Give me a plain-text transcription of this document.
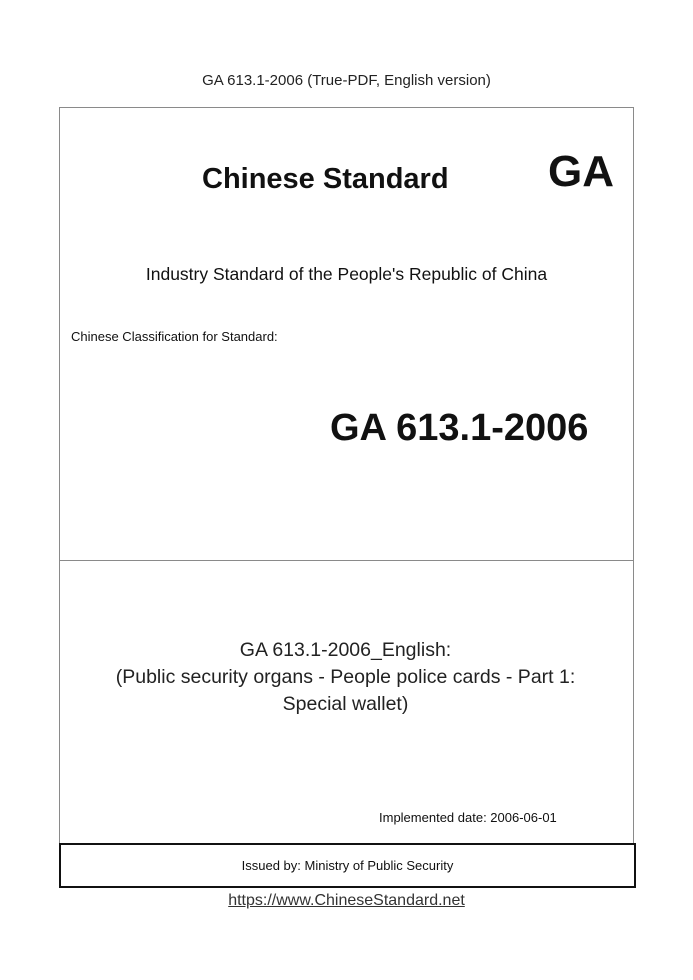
GA 613.1-2006 (True-PDF, English version)
Issued by: Ministry of Public Security
Chinese Standard GA
Industry Standard of the People's Republic of China
Chinese Classification for Standard:
GA 613.1-2006
GA 613.1-2006_English:
(Public security organs - People police cards - Part 1:
Special wallet)
Implemented date: 2006-06-01
https://www.ChineseStandard.net
